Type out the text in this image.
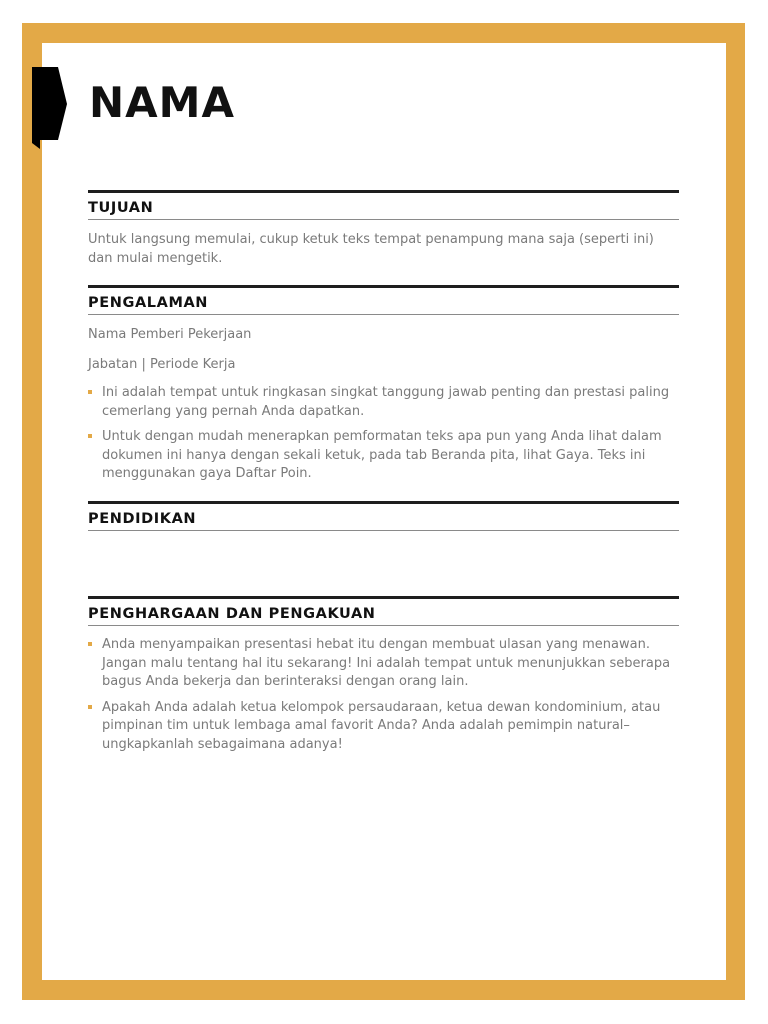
NAMA
TUJUAN

Untuk langsung memulai, cukup ketuk teks tempat penampung mana saja (seperti ini) dan mulai mengetik.

PENGALAMAN

Nama Pemberi Pekerjaan

Jabatan | Periode Kerja

Ini adalah tempat untuk ringkasan singkat tanggung jawab penting dan prestasi paling cemerlang yang pernah Anda dapatkan.
Untuk dengan mudah menerapkan pemformatan teks apa pun yang Anda lihat dalam dokumen ini hanya dengan sekali ketuk, pada tab Beranda pita, lihat Gaya. Teks ini menggunakan gaya Daftar Poin.
PENDIDIKAN
PENGHARGAAN DAN PENGAKUAN
Anda menyampaikan presentasi hebat itu dengan membuat ulasan yang menawan. Jangan malu tentang hal itu sekarang! Ini adalah tempat untuk menunjukkan seberapa bagus Anda bekerja dan berinteraksi dengan orang lain.
Apakah Anda adalah ketua kelompok persaudaraan, ketua dewan kondominium, atau pimpinan tim untuk lembaga amal favorit Anda? Anda adalah pemimpin natural–ungkapkanlah sebagaimana adanya!
